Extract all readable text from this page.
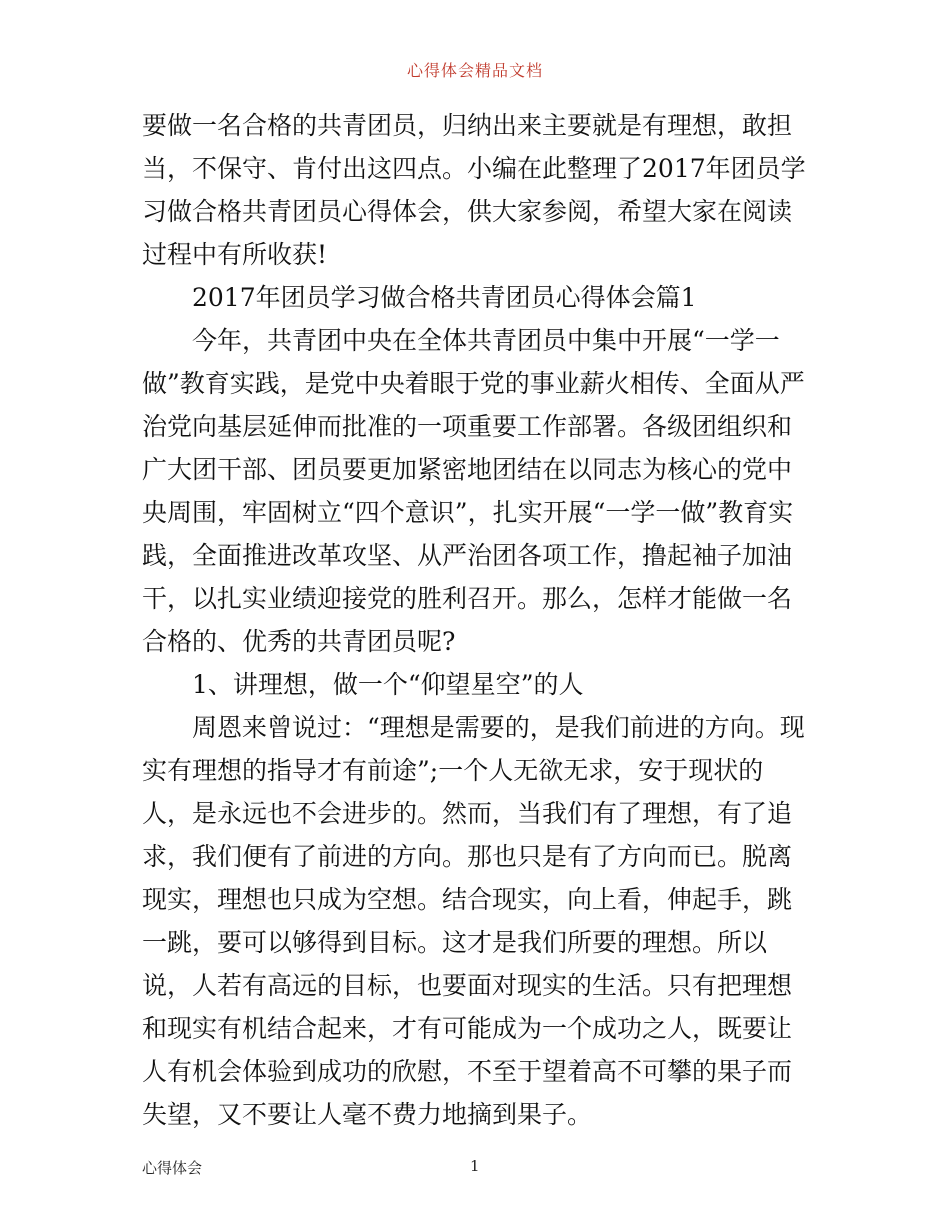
心得体会精品文档

要做一名合格的共青团员，归纳出来主要就是有理想，敢担当，不保守、肯付出这四点。小编在此整理了2017年团员学习做合格共青团员心得体会，供大家参阅，希望大家在阅读过程中有所收获!

2017年团员学习做合格共青团员心得体会篇1

今年，共青团中央在全体共青团员中集中开展“一学一做”教育实践，是党中央着眼于党的事业薪火相传、全面从严治党向基层延伸而批准的一项重要工作部署。各级团组织和广大团干部、团员要更加紧密地团结在以同志为核心的党中央周围，牢固树立“四个意识”，扎实开展“一学一做”教育实践，全面推进改革攻坚、从严治团各项工作，撸起袖子加油干，以扎实业绩迎接党的胜利召开。那么，怎样才能做一名合格的、优秀的共青团员呢?

1、讲理想，做一个“仰望星空”的人

周恩来曾说过：“理想是需要的，是我们前进的方向。现实有理想的指导才有前途”;一个人无欲无求，安于现状的人，是永远也不会进步的。然而，当我们有了理想，有了追求，我们便有了前进的方向。那也只是有了方向而已。脱离现实，理想也只成为空想。结合现实，向上看，伸起手，跳一跳，要可以够得到目标。这才是我们所要的理想。所以说，人若有高远的目标，也要面对现实的生活。只有把理想和现实有机结合起来，才有可能成为一个成功之人，既要让人有机会体验到成功的欣慰，不至于望着高不可攀的果子而失望，又不要让人毫不费力地摘到果子。

心得体会	1
